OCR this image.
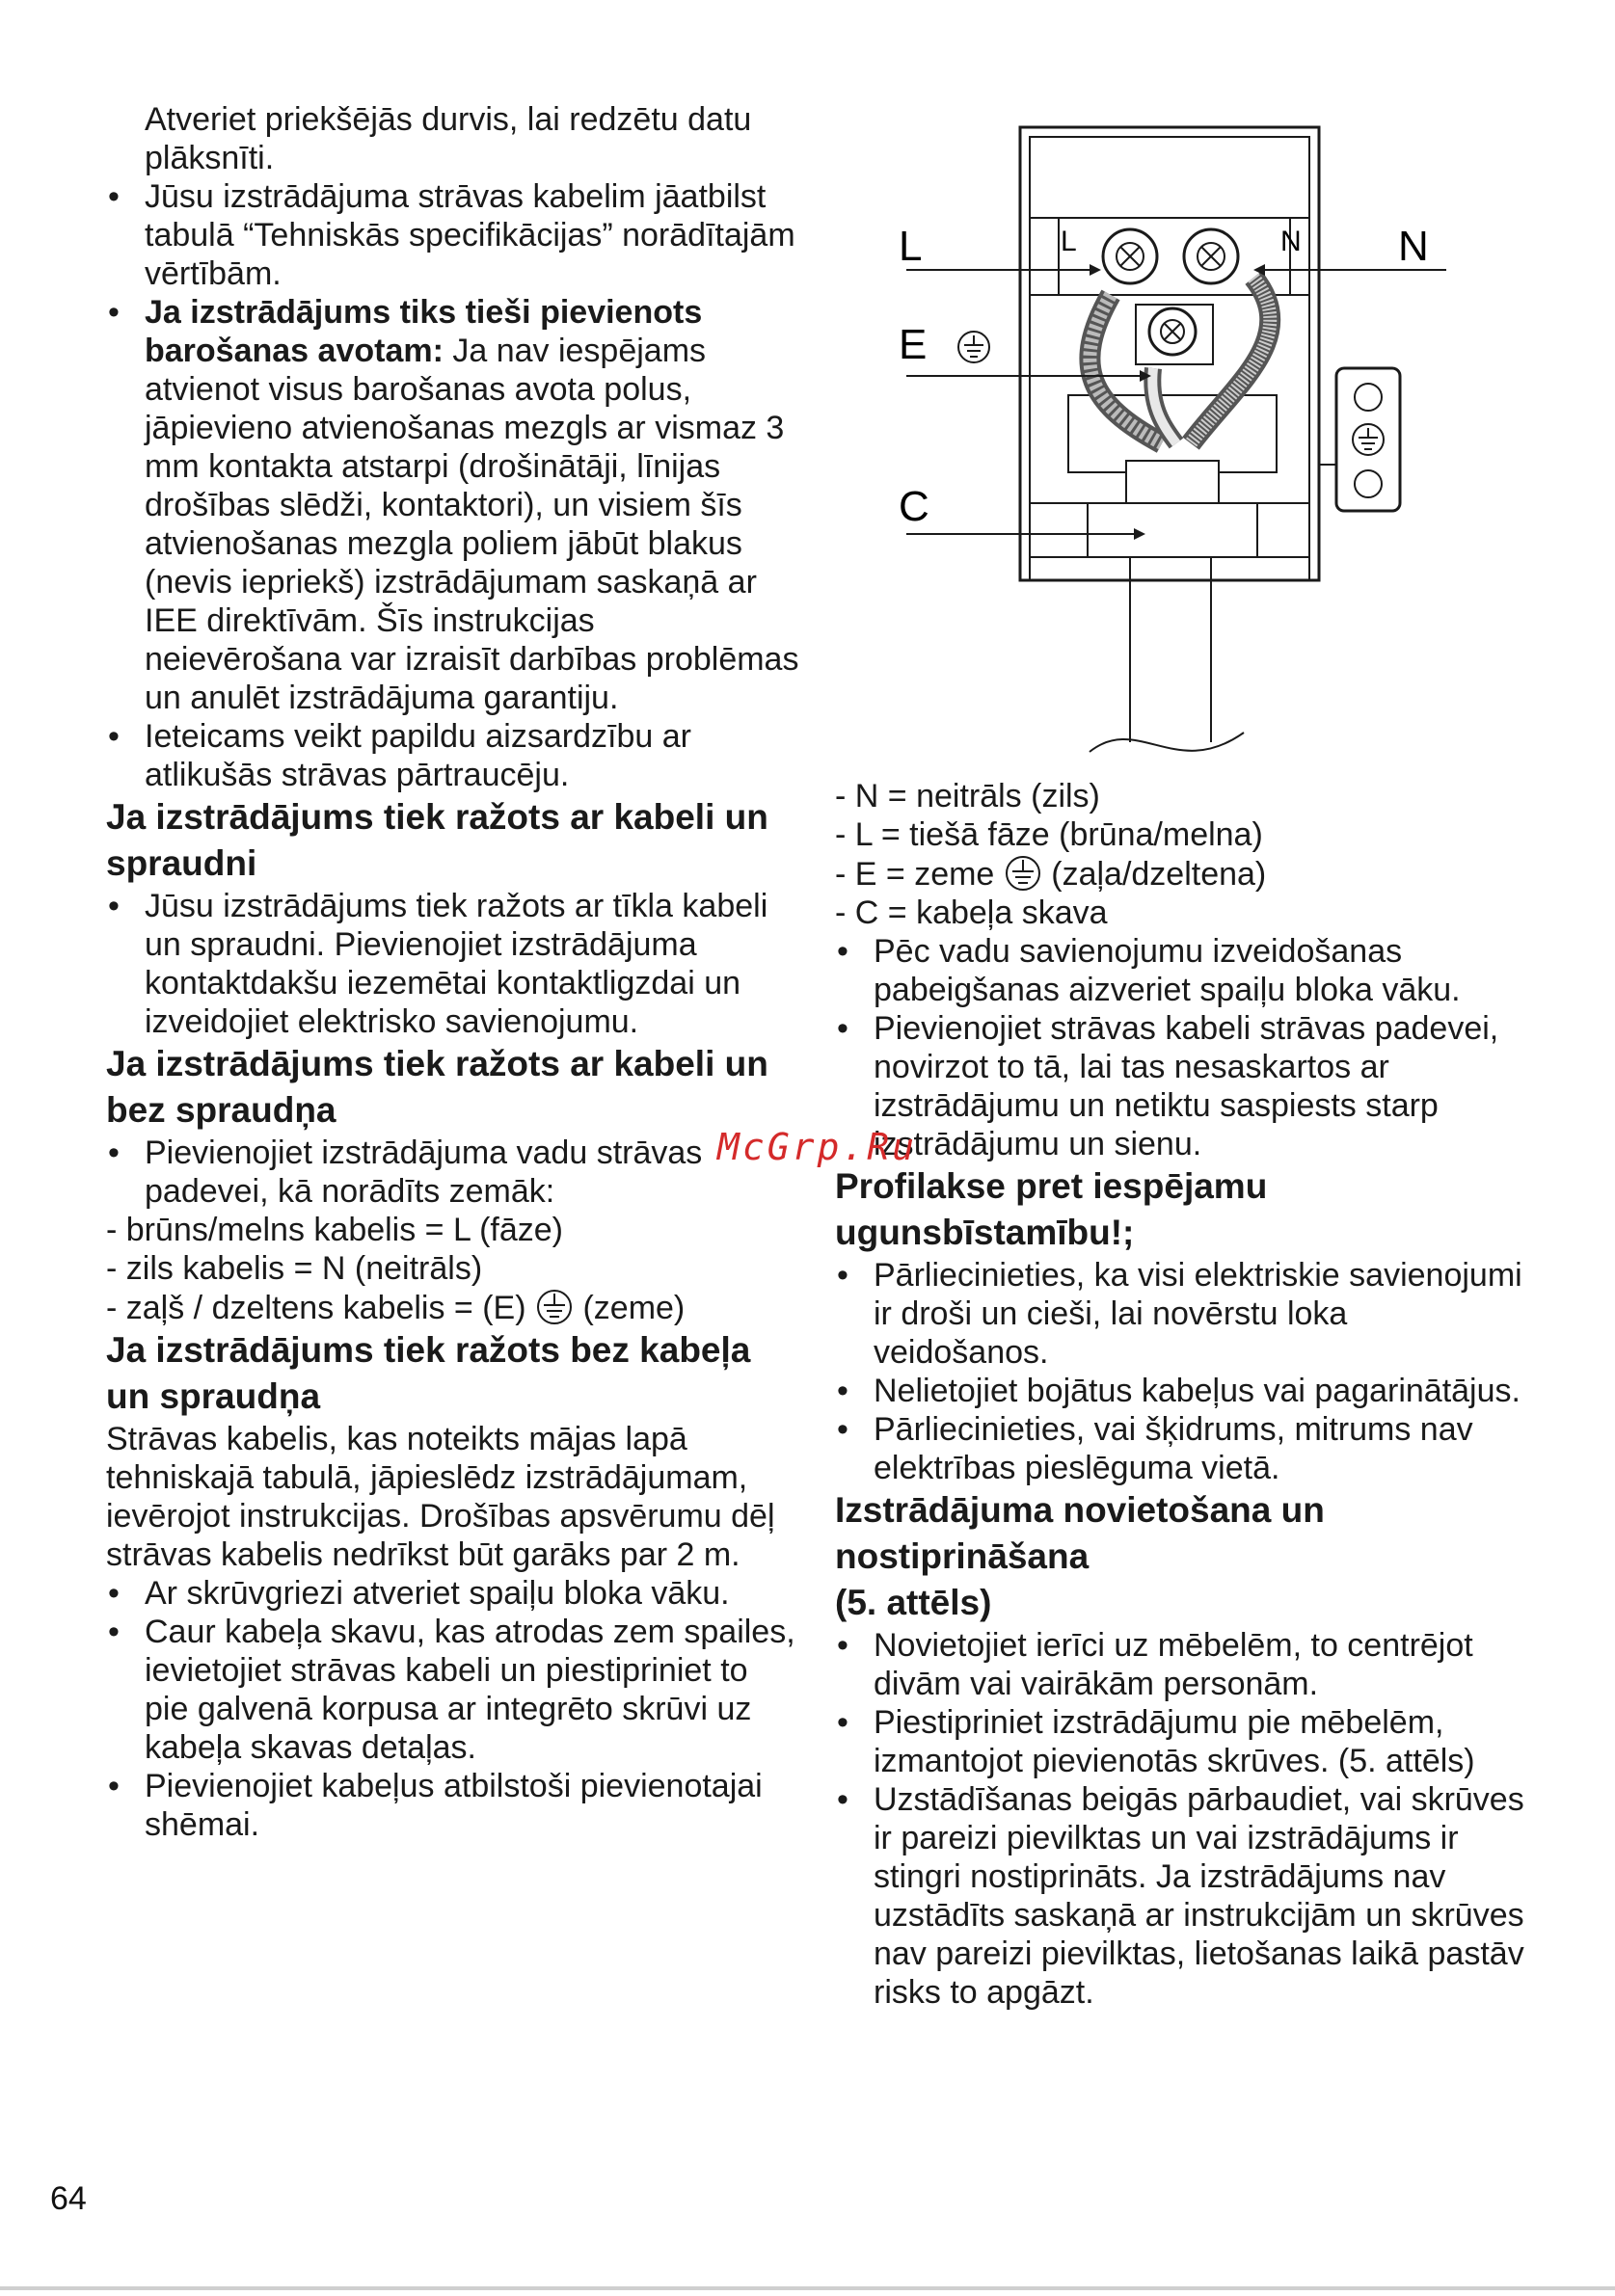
Atveriet priekšējās durvis, lai redzētu datu plāksnīti.

• Jūsu izstrādājuma strāvas kabelim jāatbilst tabulā “Tehniskās specifikācijas” norādītajām vērtībām.
• Ja izstrādājums tiks tieši pievienots barošanas avotam: Ja nav iespējams atvienot visus barošanas avota polus, jāpievieno atvienošanas mezgls ar vismaz 3 mm kontakta atstarpi (drošinātāji, līnijas drošības slēdži, kontaktori), un visiem šīs atvienošanas mezgla poliem jābūt blakus (nevis iepriekš) izstrādājumam saskaņā ar IEE direktīvām. Šīs instrukcijas neievērošana var izraisīt darbības problēmas un anulēt izstrādājuma garantiju.
• Ieteicams veikt papildu aizsardzību ar atlikušās strāvas pārtraucēju.
Ja izstrādājums tiek ražots ar kabeli un spraudni
• Jūsu izstrādājums tiek ražots ar tīkla kabeli un spraudni. Pievienojiet izstrādājuma kontaktdakšu iezemētai kontaktligzdai un izveidojiet elektrisko savienojumu.
Ja izstrādājums tiek ražots ar kabeli un bez spraudņa
• Pievienojiet izstrādājuma vadu strāvas padevei, kā norādīts zemāk:

- brūns/melns kabelis = L (fāze)

- zils kabelis = N (neitrāls)

- zaļš / dzeltens kabelis = (E) (zeme)

Ja izstrādājums tiek ražots bez kabeļa un spraudņa

Strāvas kabelis, kas noteikts mājas lapā tehniskajā tabulā, jāpieslēdz izstrādājumam, ievērojot instrukcijas. Drošības apsvērumu dēļ strāvas kabelis nedrīkst būt garāks par 2 m.

• Ar skrūvgriezi atveriet spaiļu bloka vāku.
• Caur kabeļa skavu, kas atrodas zem spailes, ievietojiet strāvas kabeli un piestipriniet to pie galvenā korpusa ar integrēto skrūvi uz kabeļa skavas detaļas.
• Pievienojiet kabeļus atbilstoši pievienotajai shēmai.
L	N
L	N
E
C

- N = neitrāls (zils)

- L = tiešā fāze (brūna/melna)

- E = zeme (zaļa/dzeltena)

- C = kabeļa skava

• Pēc vadu savienojumu izveidošanas pabeigšanas aizveriet spaiļu bloka vāku.
• Pievienojiet strāvas kabeli strāvas padevei, novirzot to tā, lai tas nesaskartos ar izstrādājumu un netiktu saspiests starp izstrādājumu un sienu.
Profilakse pret iespējamu ugunsbīstamību!;
• Pārliecinieties, ka visi elektriskie savienojumi ir droši un cieši, lai novērstu loka veidošanos.
• Nelietojiet bojātus kabeļus vai pagarinātājus.
• Pārliecinieties, vai šķidrums, mitrums nav elektrības pieslēguma vietā.
Izstrādājuma novietošana un nostiprināšana
(5. attēls)
• Novietojiet ierīci uz mēbelēm, to centrējot divām vai vairākām personām.
• Piestipriniet izstrādājumu pie mēbelēm, izmantojot pievienotās skrūves. (5. attēls)
• Uzstādīšanas beigās pārbaudiet, vai skrūves ir pareizi pievilktas un vai izstrādājums ir stingri nostiprināts. Ja izstrādājums nav uzstādīts saskaņā ar instrukcijām un skrūves nav pareizi pievilktas, lietošanas laikā pastāv risks to apgāzt.
McGrp.Ru
64
